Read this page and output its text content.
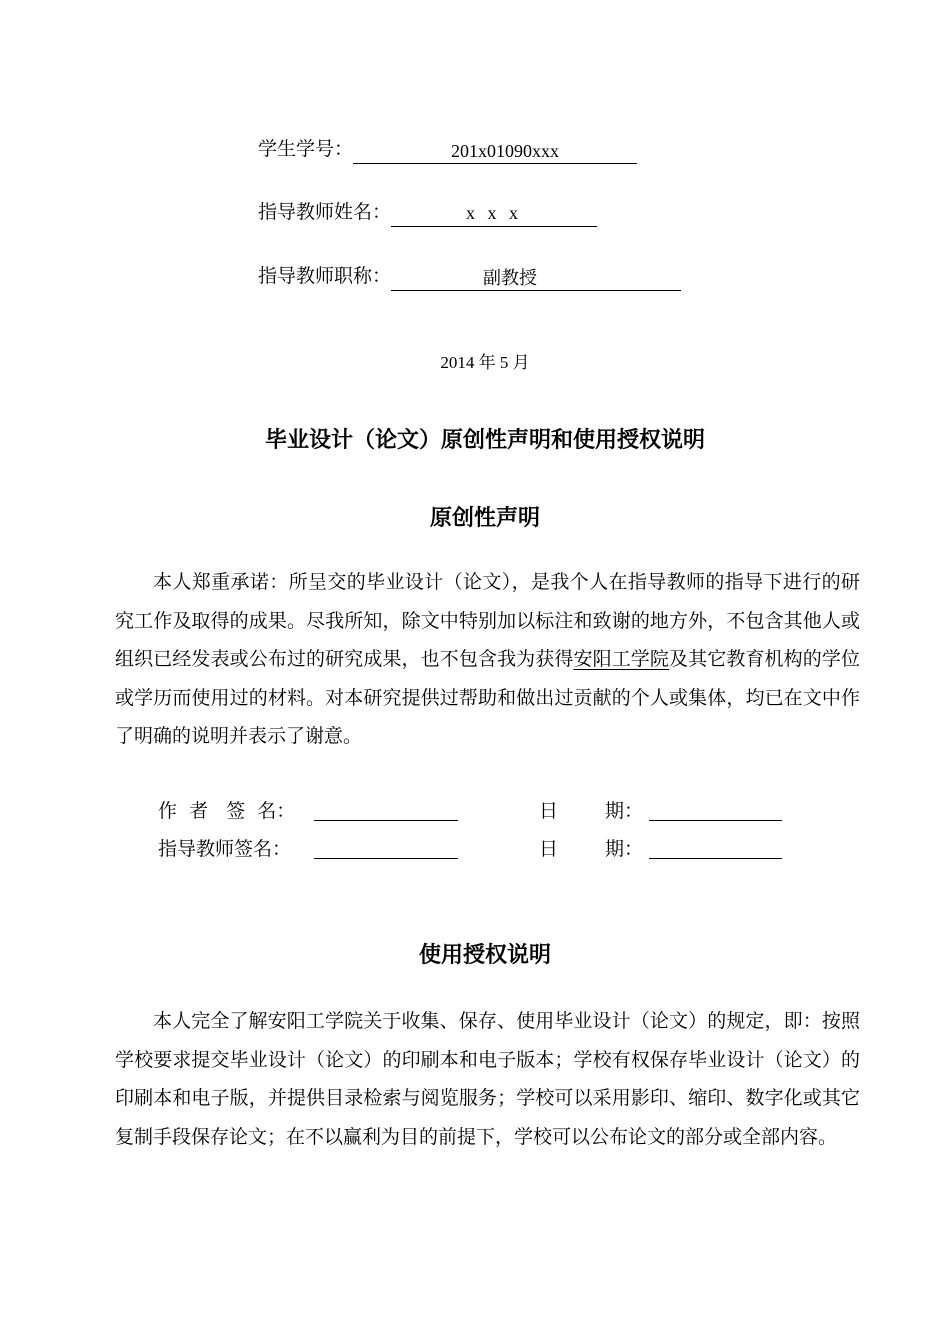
学生学号：	201x01090xxx
指导教师姓名：	x x x
指导教师职称：	副教授
2014 年 5 月
毕业设计（论文）原创性声明和使用授权说明
原创性声明

本人郑重承诺：所呈交的毕业设计（论文），是我个人在指导教师的指导下进行的研究工作及取得的成果。尽我所知，除文中特别加以标注和致谢的地方外，不包含其他人或组织已经发表或公布过的研究成果，也不包含我为获得安阳工学院及其它教育机构的学位或学历而使用过的材料。对本研究提供过帮助和做出过贡献的个人或集体，均已在文中作了明确的说明并表示了谢意。

作  者   签  名：	日 期：
指导教师签名：	日 期：
使用授权说明

本人完全了解安阳工学院关于收集、保存、使用毕业设计（论文）的规定，即：按照学校要求提交毕业设计（论文）的印刷本和电子版本；学校有权保存毕业设计（论文）的印刷本和电子版，并提供目录检索与阅览服务；学校可以采用影印、缩印、数字化或其它复制手段保存论文；在不以赢利为目的前提下，学校可以公布论文的部分或全部内容。
